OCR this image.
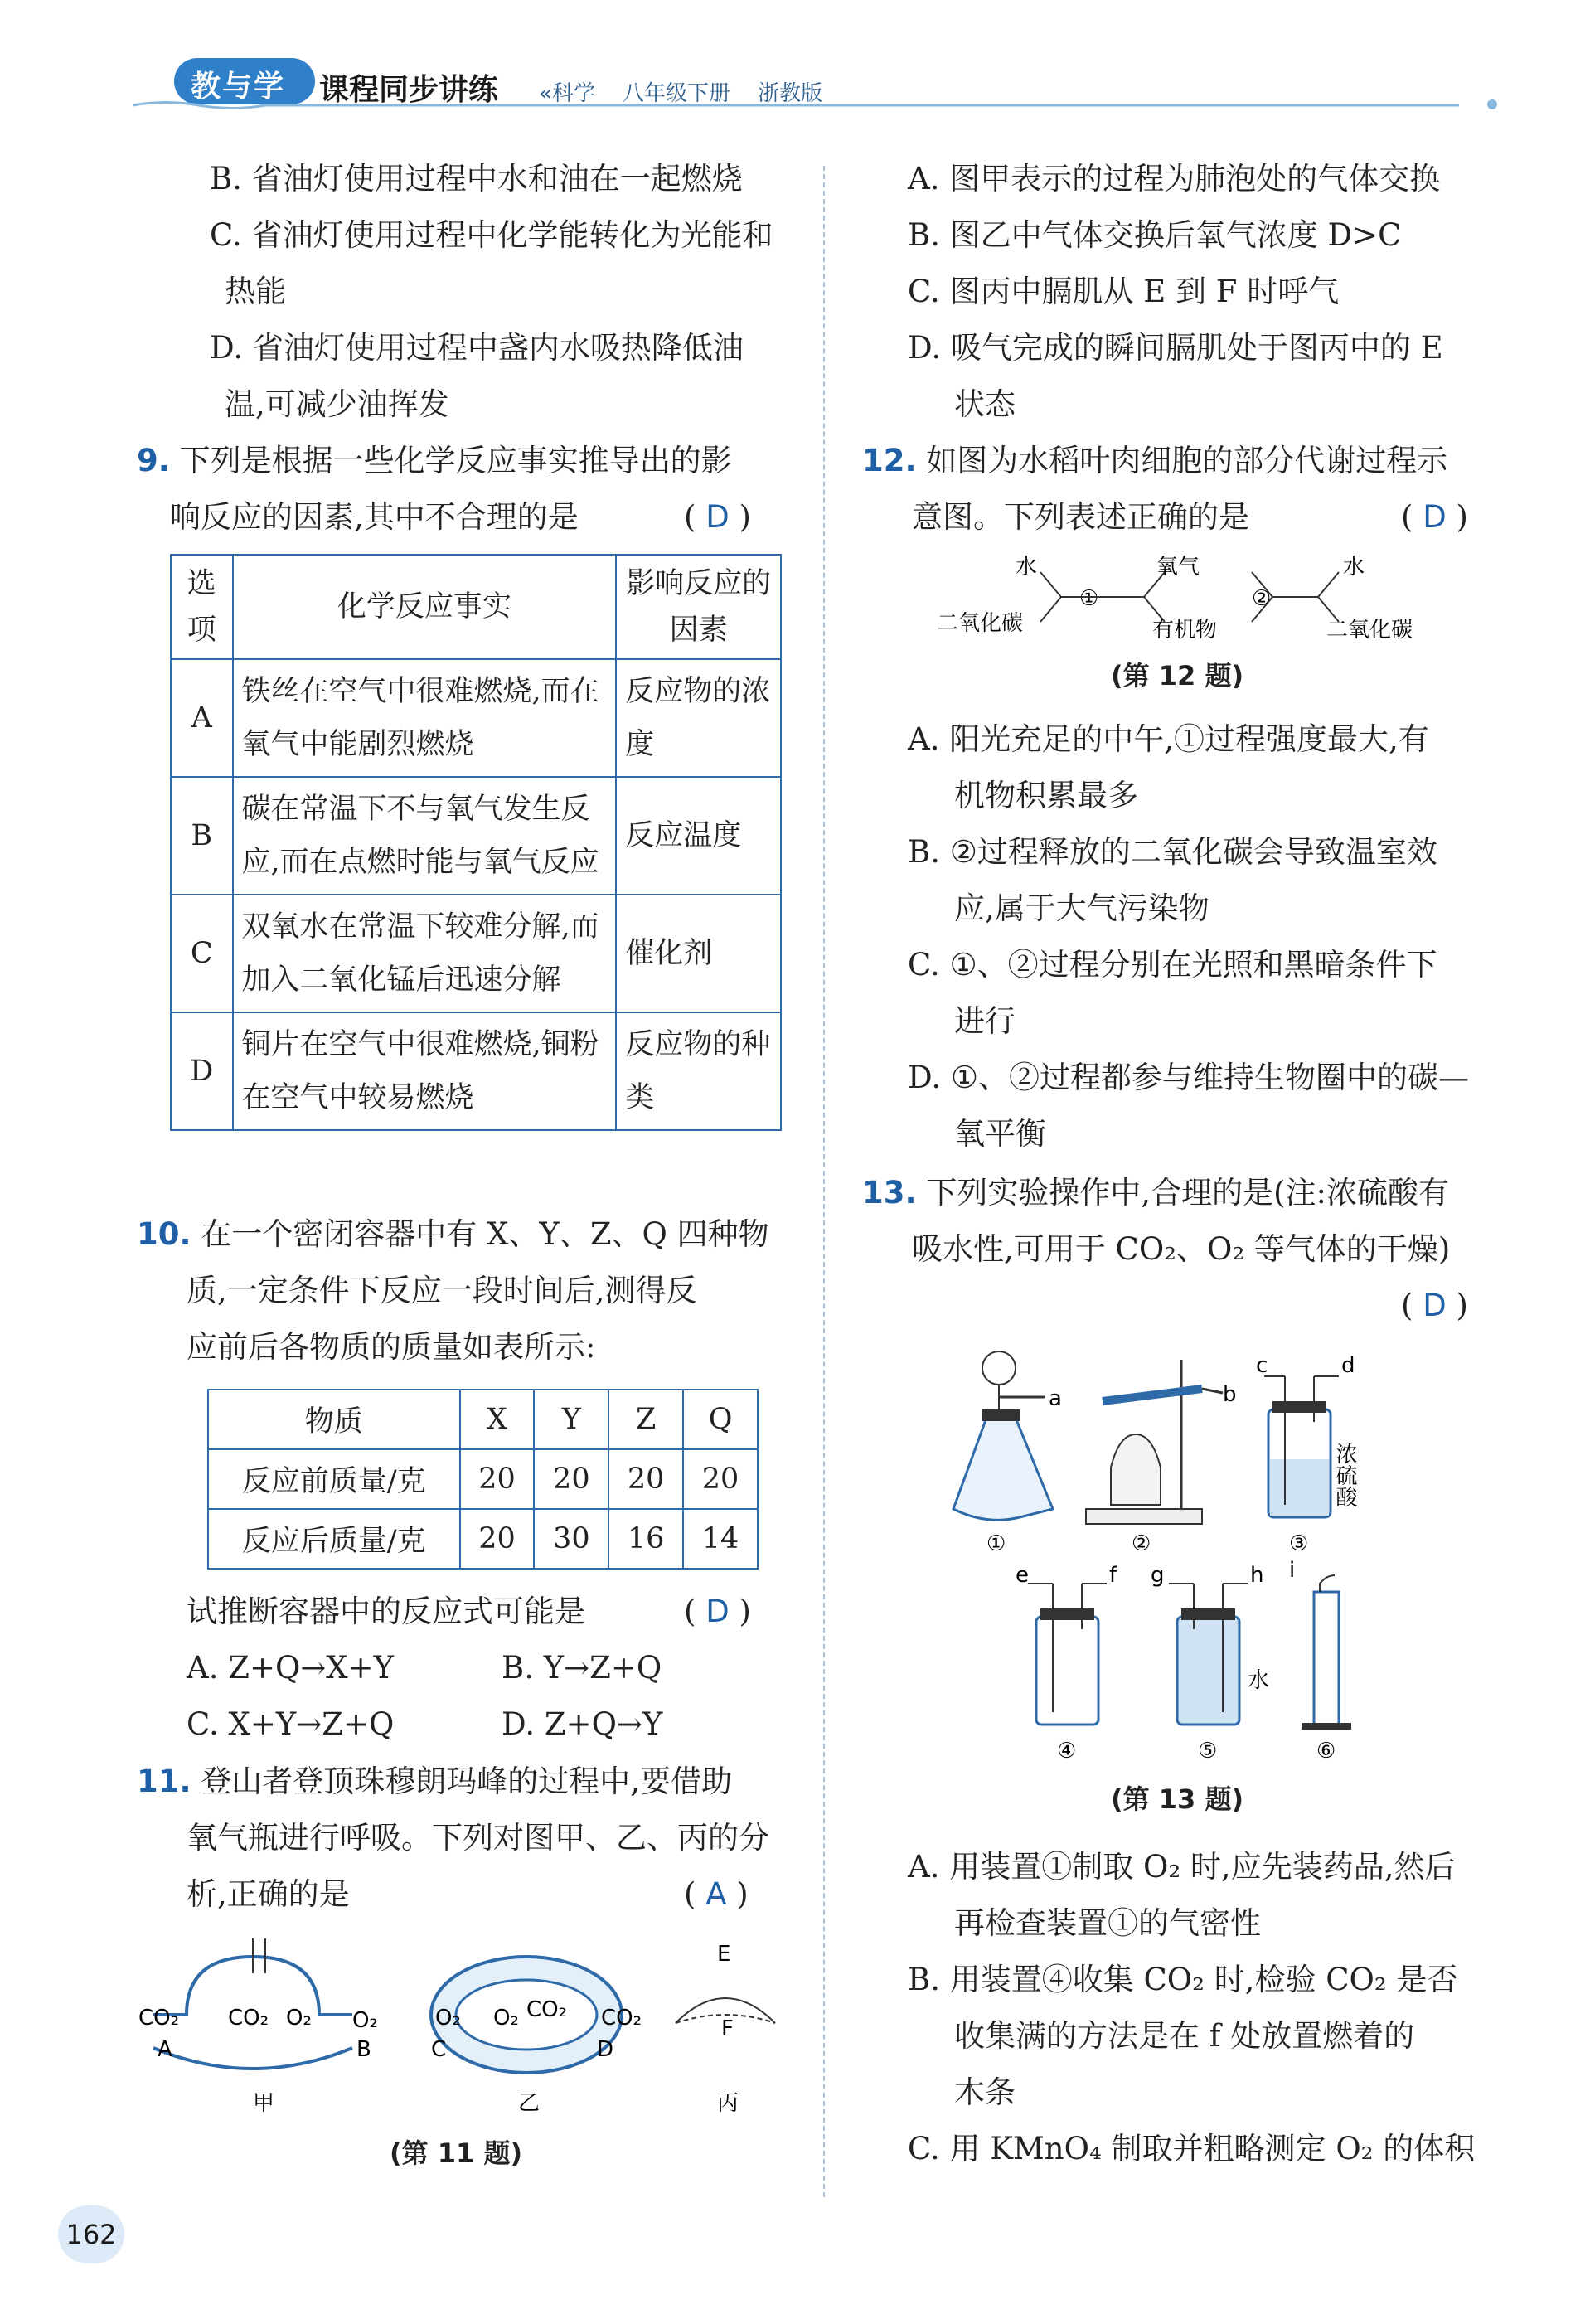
教与学 课程同步讲练 «科学 八年级下册 浙教版
B. 省油灯使用过程中水和油在一起燃烧
C. 省油灯使用过程中化学能转化为光能和
热能
D. 省油灯使用过程中盏内水吸热降低油
温,可减少油挥发
9. 下列是根据一些化学反应事实推导出的影
响反应的因素,其中不合理的是	( D )
选项	化学反应事实	影响反应的因素
A	铁丝在空气中很难燃烧,而在氧气中能剧烈燃烧	反应物的浓度
B	碳在常温下不与氧气发生反应,而在点燃时能与氧气反应	反应温度
C	双氧水在常温下较难分解,而加入二氧化锰后迅速分解	催化剂
D	铜片在空气中很难燃烧,铜粉在空气中较易燃烧	反应物的种类
10. 在一个密闭容器中有 X、Y、Z、Q 四种物
质,一定条件下反应一段时间后,测得反
应前后各物质的质量如表所示:
物质	X	Y	Z	Q
反应前质量/克	20	20	20	20
反应后质量/克	20	30	16	14
试推断容器中的反应式可能是	( D )
A. Z+Q→X+Y	B. Y→Z+Q
C. X+Y→Z+Q	D. Z+Q→Y
11. 登山者登顶珠穆朗玛峰的过程中,要借助
氧气瓶进行呼吸。下列对图甲、乙、丙的分
析,正确的是	( A )
CO₂ CO₂ O₂ O₂
A	B
甲
O₂ O₂ CO₂ CO₂
C	D
乙
E
F
丙
(第 11 题)
A. 图甲表示的过程为肺泡处的气体交换
B. 图乙中气体交换后氧气浓度 D>C
C. 图丙中膈肌从 E 到 F 时呼气
D. 吸气完成的瞬间膈肌处于图丙中的 E
状态
12. 如图为水稻叶肉细胞的部分代谢过程示
意图。下列表述正确的是	( D )
水
二氧化碳
①
氧气
有机物
②
水
二氧化碳
(第 12 题)
A. 阳光充足的中午,①过程强度最大,有
机物积累最多
B. ②过程释放的二氧化碳会导致温室效
应,属于大气污染物
C. ①、②过程分别在光照和黑暗条件下
进行
D. ①、②过程都参与维持生物圈中的碳—
氧平衡
13. 下列实验操作中,合理的是(注:浓硫酸有
吸水性,可用于 CO₂、O₂ 等气体的干燥)
( D )
a
①
b
②
c	d
浓硫酸
③
e	f
④
g	h
水
⑤
i
⑥
(第 13 题)
A. 用装置①制取 O₂ 时,应先装药品,然后
再检查装置①的气密性
B. 用装置④收集 CO₂ 时,检验 CO₂ 是否
收集满的方法是在 f 处放置燃着的
木条
C. 用 KMnO₄ 制取并粗略测定 O₂ 的体积
162
